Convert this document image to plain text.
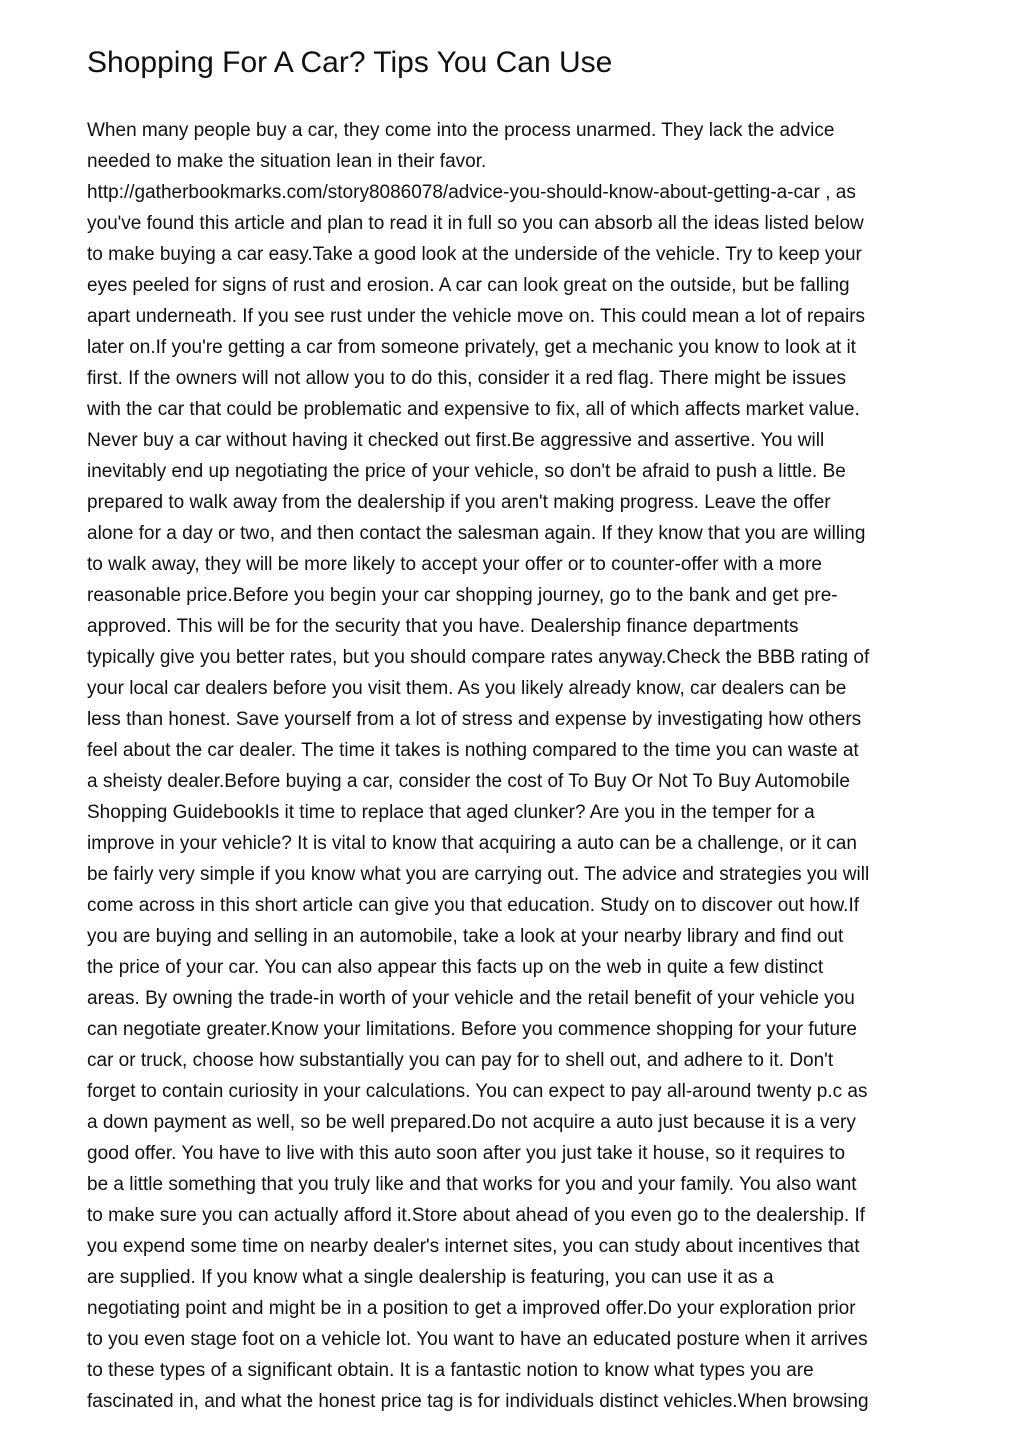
Shopping For A Car? Tips You Can Use
When many people buy a car, they come into the process unarmed. They lack the advice
needed to make the situation lean in their favor.
http://gatherbookmarks.com/story8086078/advice-you-should-know-about-getting-a-car , as
you've found this article and plan to read it in full so you can absorb all the ideas listed below
to make buying a car easy.Take a good look at the underside of the vehicle. Try to keep your
eyes peeled for signs of rust and erosion. A car can look great on the outside, but be falling
apart underneath. If you see rust under the vehicle move on. This could mean a lot of repairs
later on.If you're getting a car from someone privately, get a mechanic you know to look at it
first. If the owners will not allow you to do this, consider it a red flag. There might be issues
with the car that could be problematic and expensive to fix, all of which affects market value.
Never buy a car without having it checked out first.Be aggressive and assertive. You will
inevitably end up negotiating the price of your vehicle, so don't be afraid to push a little. Be
prepared to walk away from the dealership if you aren't making progress. Leave the offer
alone for a day or two, and then contact the salesman again. If they know that you are willing
to walk away, they will be more likely to accept your offer or to counter-offer with a more
reasonable price.Before you begin your car shopping journey, go to the bank and get pre-
approved. This will be for the security that you have. Dealership finance departments
typically give you better rates, but you should compare rates anyway.Check the BBB rating of
your local car dealers before you visit them. As you likely already know, car dealers can be
less than honest. Save yourself from a lot of stress and expense by investigating how others
feel about the car dealer. The time it takes is nothing compared to the time you can waste at
a sheisty dealer.Before buying a car, consider the cost of To Buy Or Not To Buy Automobile
Shopping GuidebookIs it time to replace that aged clunker? Are you in the temper for a
improve in your vehicle? It is vital to know that acquiring a auto can be a challenge, or it can
be fairly very simple if you know what you are carrying out. The advice and strategies you will
come across in this short article can give you that education. Study on to discover out how.If
you are buying and selling in an automobile, take a look at your nearby library and find out
the price of your car. You can also appear this facts up on the web in quite a few distinct
areas. By owning the trade-in worth of your vehicle and the retail benefit of your vehicle you
can negotiate greater.Know your limitations. Before you commence shopping for your future
car or truck, choose how substantially you can pay for to shell out, and adhere to it. Don't
forget to contain curiosity in your calculations. You can expect to pay all-around twenty p.c as
a down payment as well, so be well prepared.Do not acquire a auto just because it is a very
good offer. You have to live with this auto soon after you just take it house, so it requires to
be a little something that you truly like and that works for you and your family. You also want
to make sure you can actually afford it.Store about ahead of you even go to the dealership. If
you expend some time on nearby dealer's internet sites, you can study about incentives that
are supplied. If you know what a single dealership is featuring, you can use it as a
negotiating point and might be in a position to get a improved offer.Do your exploration prior
to you even stage foot on a vehicle lot. You want to have an educated posture when it arrives
to these types of a significant obtain. It is a fantastic notion to know what types you are
fascinated in, and what the honest price tag is for individuals distinct vehicles.When browsing
